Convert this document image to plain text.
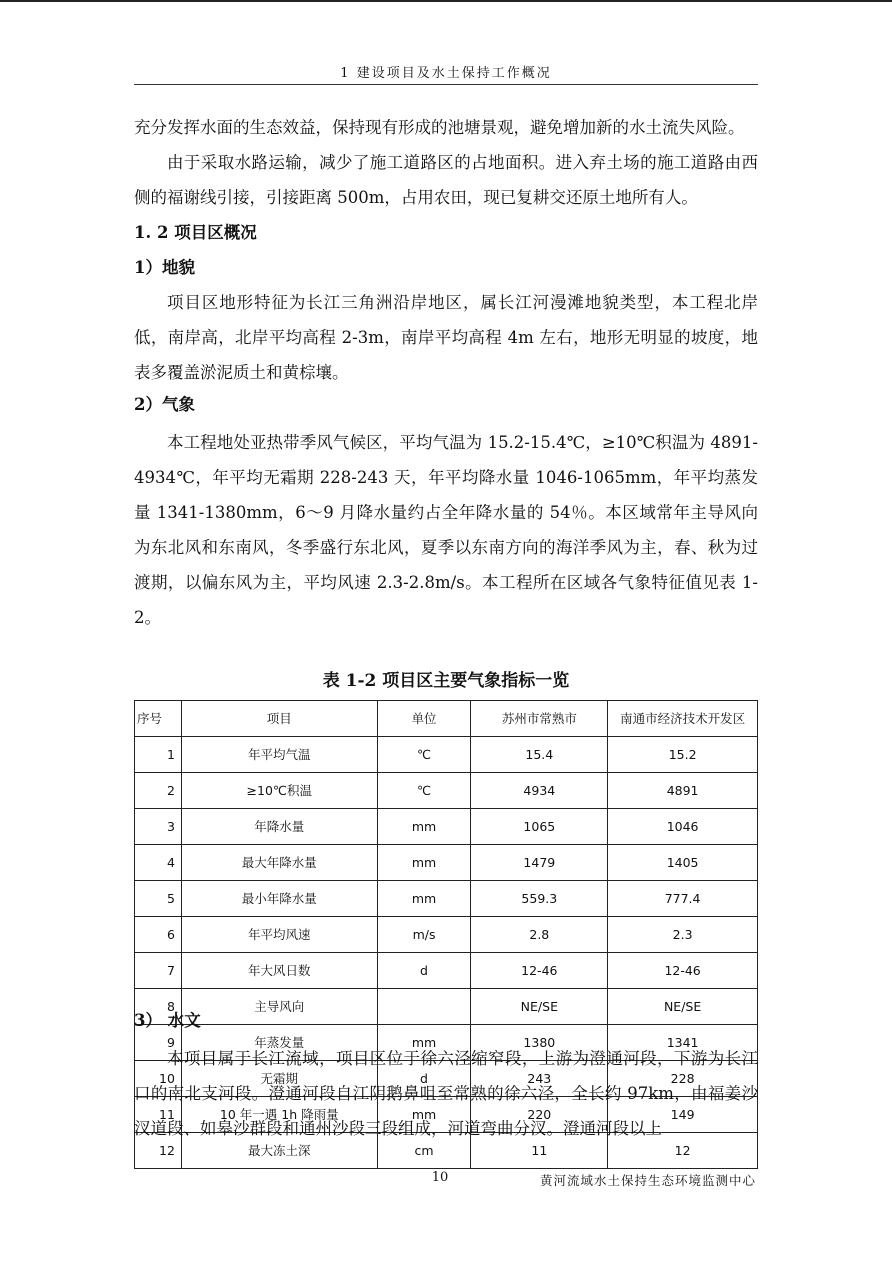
1 建设项目及水土保持工作概况

充分发挥水面的生态效益，保持现有形成的池塘景观，避免增加新的水土流失风险。

由于采取水路运输，减少了施工道路区的占地面积。进入弃土场的施工道路由西侧的福谢线引接，引接距离 500m，占用农田，现已复耕交还原土地所有人。

1. 2 项目区概况

1）地貌

项目区地形特征为长江三角洲沿岸地区，属长江河漫滩地貌类型，本工程北岸低，南岸高，北岸平均高程 2-3m，南岸平均高程 4m 左右，地形无明显的坡度，地表多覆盖淤泥质土和黄棕壤。

2）气象

本工程地处亚热带季风气候区，平均气温为 15.2-15.4℃，≥10℃积温为 4891-4934℃，年平均无霜期 228-243 天，年平均降水量 1046-1065mm，年平均蒸发量 1341-1380mm，6～9 月降水量约占全年降水量的 54％。本区域常年主导风向为东北风和东南风，冬季盛行东北风，夏季以东南方向的海洋季风为主，春、秋为过渡期，以偏东风为主，平均风速 2.3-2.8m/s。本工程所在区域各气象特征值见表 1-2。

表 1-2 项目区主要气象指标一览

序号	项目	单位	苏州市常熟市	南通市经济技术开发区
1	年平均气温	℃	15.4	15.2
2	≥10℃积温	℃	4934	4891
3	年降水量	mm	1065	1046
4	最大年降水量	mm	1479	1405
5	最小年降水量	mm	559.3	777.4
6	年平均风速	m/s	2.8	2.3
7	年大风日数	d	12-46	12-46
8	主导风向		NE/SE	NE/SE
9	年蒸发量	mm	1380	1341
10	无霜期	d	243	228
11	10 年一遇 1h 降雨量	mm	220	149
12	最大冻土深	cm	11	12

3） 水文

本项目属于长江流域，项目区位于徐六泾缩窄段，上游为澄通河段，下游为长江口的南北支河段。澄通河段自江阴鹅鼻咀至常熟的徐六泾，全长约 97km，由福姜沙汊道段、如皋沙群段和通州沙段三段组成，河道弯曲分汊。澄通河段以上

10	黄河流域水土保持生态环境监测中心
